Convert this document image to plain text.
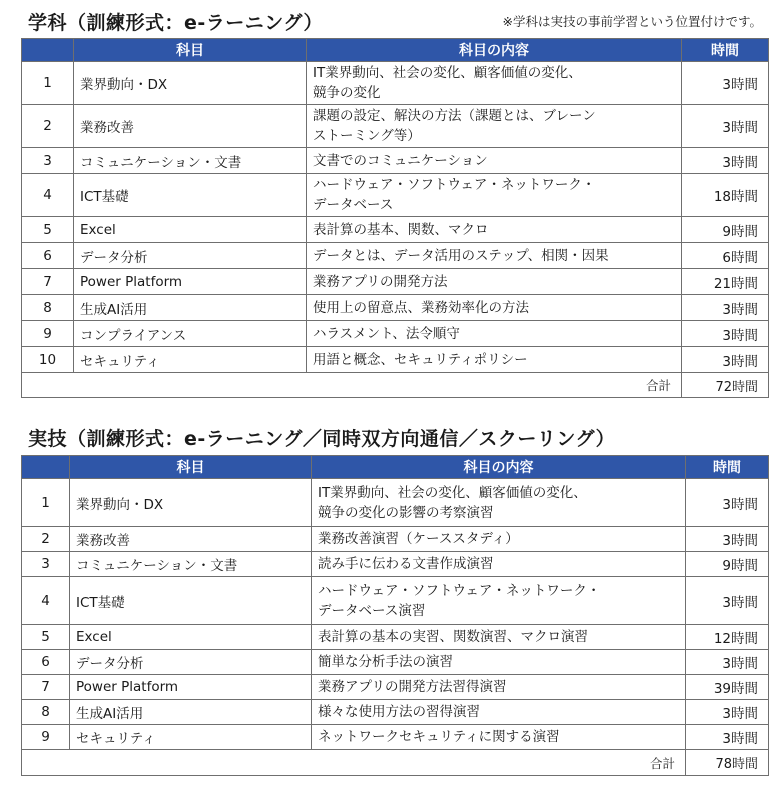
学科（訓練形式：e-ラーニング）	※学科は実技の事前学習という位置付けです。
	科目	科目の内容	時間
1	業界動向・DX	IT業界動向、社会の変化、顧客価値の変化、
競争の変化	3時間
2	業務改善	課題の設定、解決の方法（課題とは、ブレーン
ストーミング等）	3時間
3	コミュニケーション・文書	文書でのコミュニケーション	3時間
4	ICT基礎	ハードウェア・ソフトウェア・ネットワーク・
データベース	18時間
5	Excel	表計算の基本、関数、マクロ	9時間
6	データ分析	データとは、データ活用のステップ、相関・因果	6時間
7	Power Platform	業務アプリの開発方法	21時間
8	生成AI活用	使用上の留意点、業務効率化の方法	3時間
9	コンプライアンス	ハラスメント、法令順守	3時間
10	セキュリティ	用語と概念、セキュリティポリシー	3時間
合計			72時間
実技（訓練形式：e-ラーニング／同時双方向通信／スクーリング）
	科目	科目の内容	時間
1	業界動向・DX	IT業界動向、社会の変化、顧客価値の変化、
競争の変化の影響の考察演習	3時間
2	業務改善	業務改善演習（ケーススタディ）	3時間
3	コミュニケーション・文書	読み手に伝わる文書作成演習	9時間
4	ICT基礎	ハードウェア・ソフトウェア・ネットワーク・
データベース演習	3時間
5	Excel	表計算の基本の実習、関数演習、マクロ演習	12時間
6	データ分析	簡単な分析手法の演習	3時間
7	Power Platform	業務アプリの開発方法習得演習	39時間
8	生成AI活用	様々な使用方法の習得演習	3時間
9	セキュリティ	ネットワークセキュリティに関する演習	3時間
合計			78時間
